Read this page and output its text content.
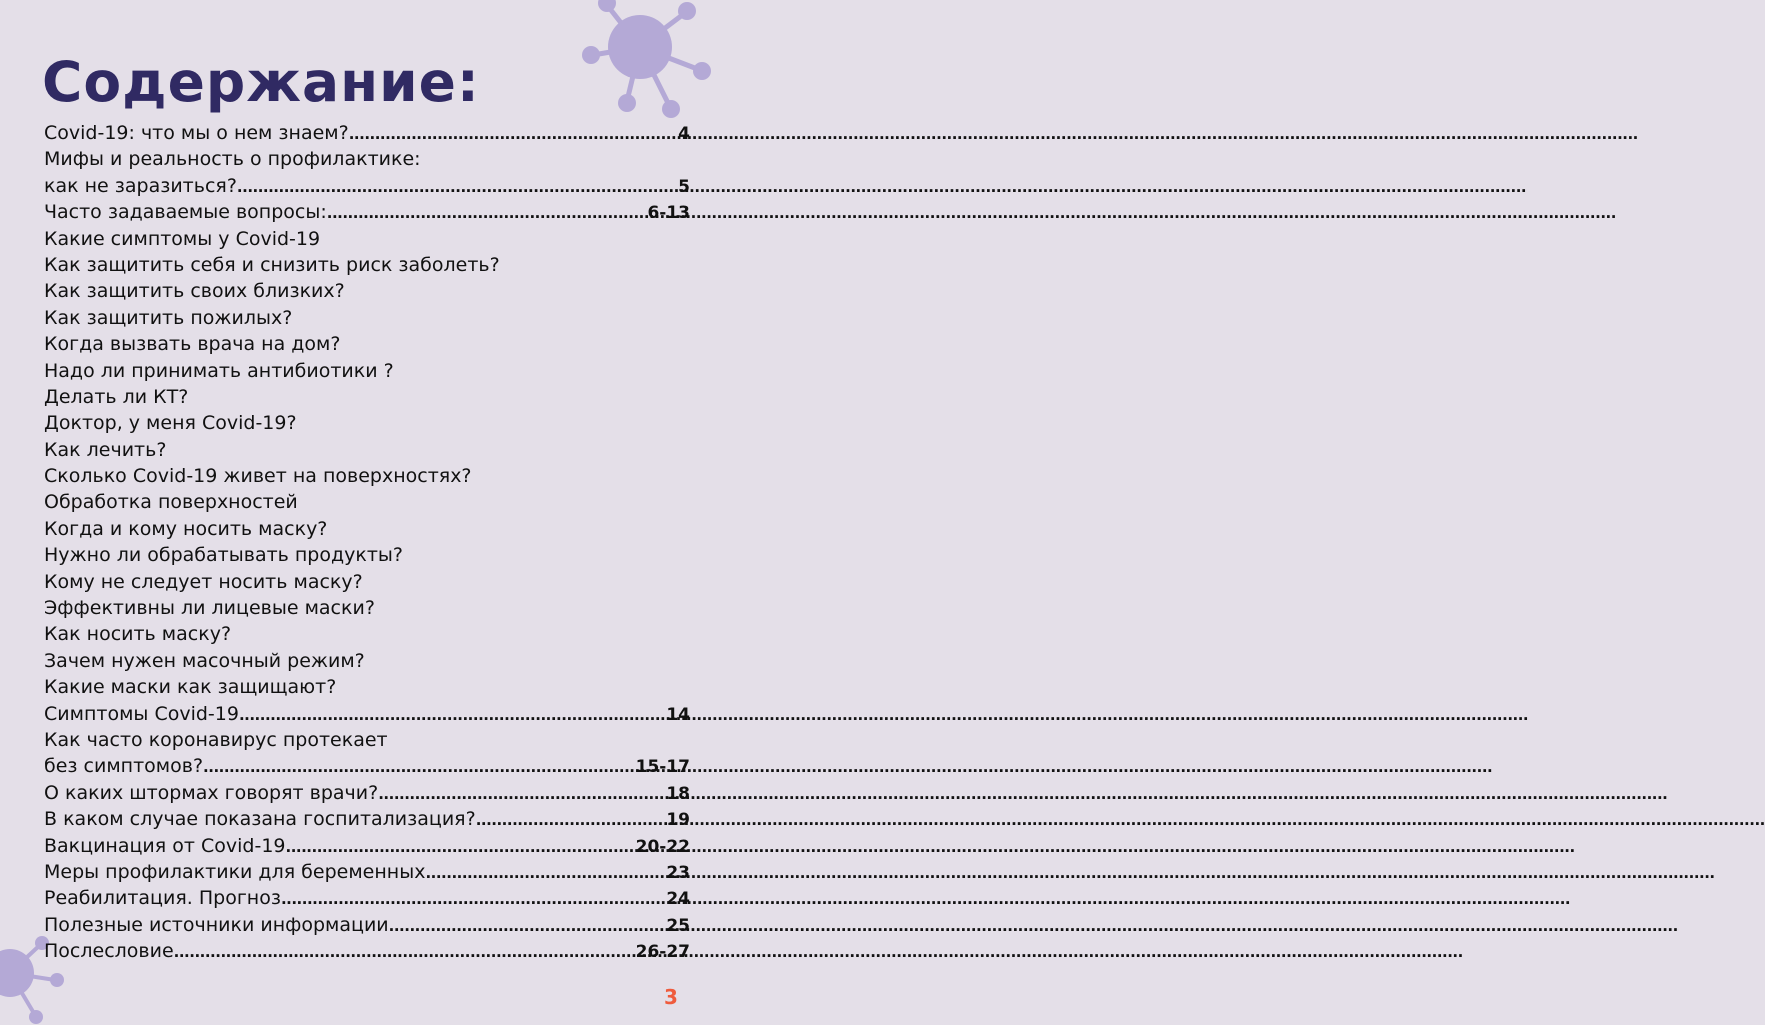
Содержание:
Covid-19: что мы о нем знаем? .....	4
Мифы и реальность о профилактике:
как не заразиться? .....	5
Часто задаваемые вопросы: .....	6-13
Какие симптомы у Covid-19
Как защитить себя и снизить риск заболеть?
Как защитить своих близких?
Как защитить пожилых?
Когда вызвать врача на дом?
Надо ли принимать антибиотики ?
Делать ли КТ?
Доктор, у меня Covid-19?
Как лечить?
Сколько Covid-19 живет на поверхностях?
Обработка поверхностей
Когда и кому носить маску?
Нужно ли обрабатывать продукты?
Кому не следует носить маску?
Эффективны ли лицевые маски?
Как носить маску?
Зачем нужен масочный режим?
Какие маски как защищают?
Симптомы Covid-19 .....	14
Как часто коронавирус протекает
без симптомов? .....	15-17
О каких штормах говорят врачи? .....	18
В каком случае показана госпитализация? .....	19
Вакцинация от Covid-19 .....	20-22
Меры профилактики для беременных .....	23
Реабилитация. Прогноз .....	24
Полезные источники информации .....	25
Послесловие .....	26-27
3
